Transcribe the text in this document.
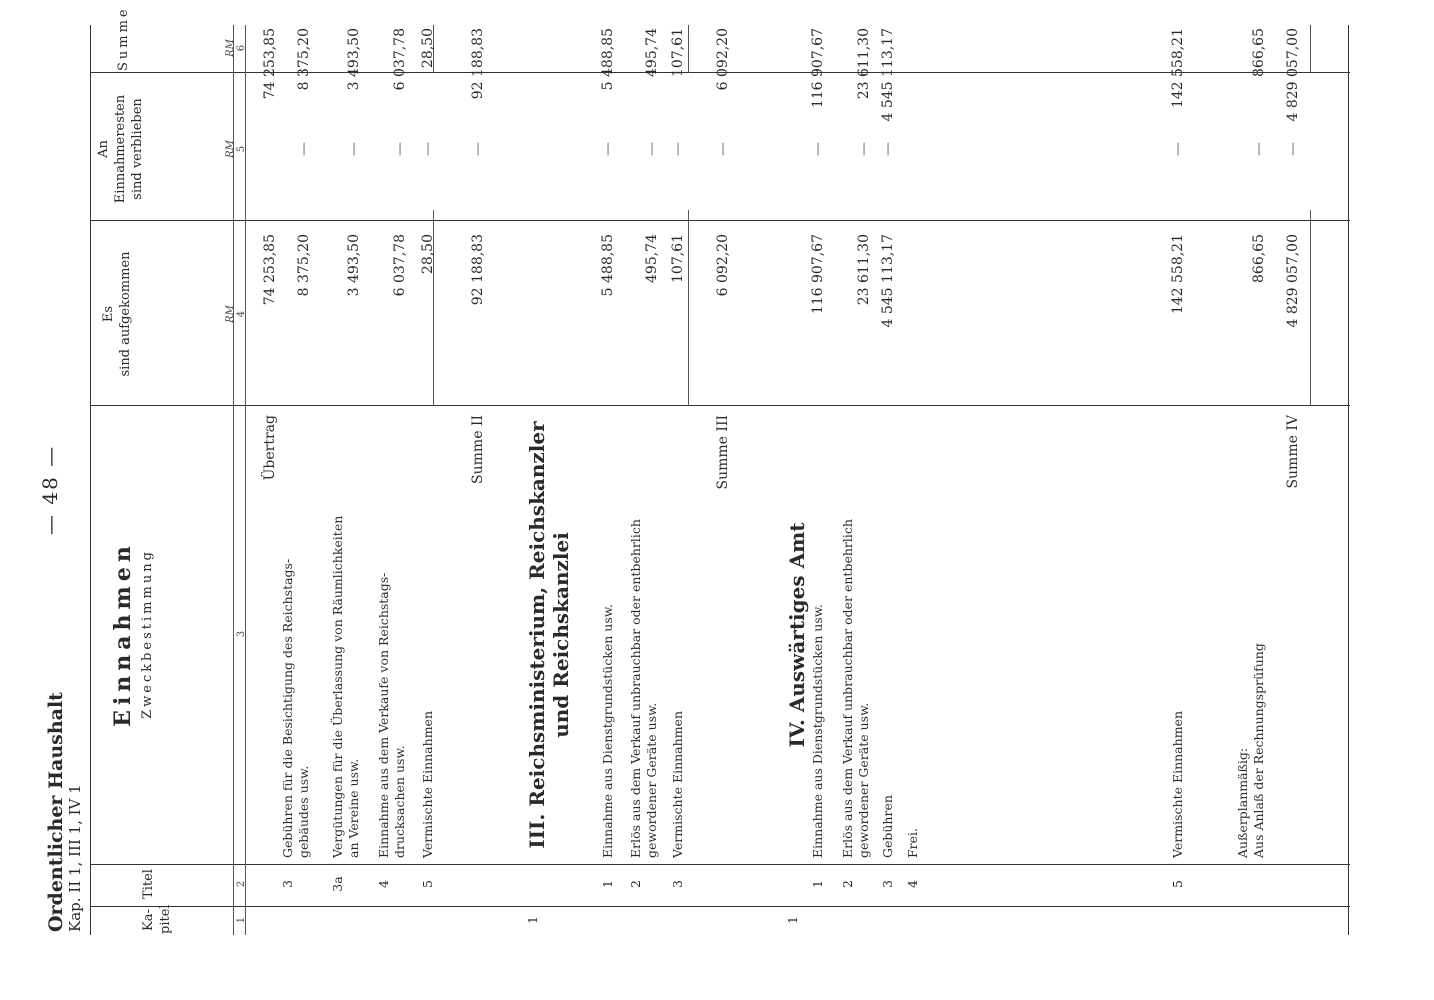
Ordentlicher Haushalt Kap. II 1, III 1, IV 1
— 48 —
Ka-
pitel
Titel
Einnahmen Zweckbestimmung
Es
sind aufgekommen
An
Einnahmeresten
sind verblieben
Summe
RM
RM
RM
1
2
3
4
5
6
Übertrag
74 253,85
74 253,85
3
Gebühren für die Besichtigung des Reichstags-
gebäudes usw.
8 375,20
—
8 375,20
3a
Vergütungen für die Überlassung von Räumlichkeiten
an Vereine usw.
3 493,50
—
3 493,50
4
Einnahme aus dem Verkaufe von Reichstags-
drucksachen usw.
6 037,78
—
6 037,78
5
Vermischte Einnahmen
28,50
—
28,50
Summe II
92 188,83
—
92 188,83
1
III. Reichsministerium, Reichskanzler
und Reichskanzlei
1
Einnahme aus Dienstgrundstücken usw.
5 488,85
—
5 488,85
2
Erlös aus dem Verkauf unbrauchbar oder entbehrlich
gewordener Geräte usw.
495,74
—
495,74
3
Vermischte Einnahmen
107,61
—
107,61
Summe III
6 092,20
—
6 092,20
1
IV. Auswärtiges Amt
1
Einnahme aus Dienstgrundstücken usw.
116 907,67
—
116 907,67
2
Erlös aus dem Verkauf unbrauchbar oder entbehrlich
gewordener Geräte usw.
23 611,30
—
23 611,30
3
Gebühren
4 545 113,17
—
4 545 113,17
4
Frei.
5
Vermischte Einnahmen
142 558,21
—
142 558,21
Außerplanmäßig:
Aus Anlaß der Rechnungsprüfung
866,65
—
866,65
Summe IV
4 829 057,00
—
4 829 057,00
